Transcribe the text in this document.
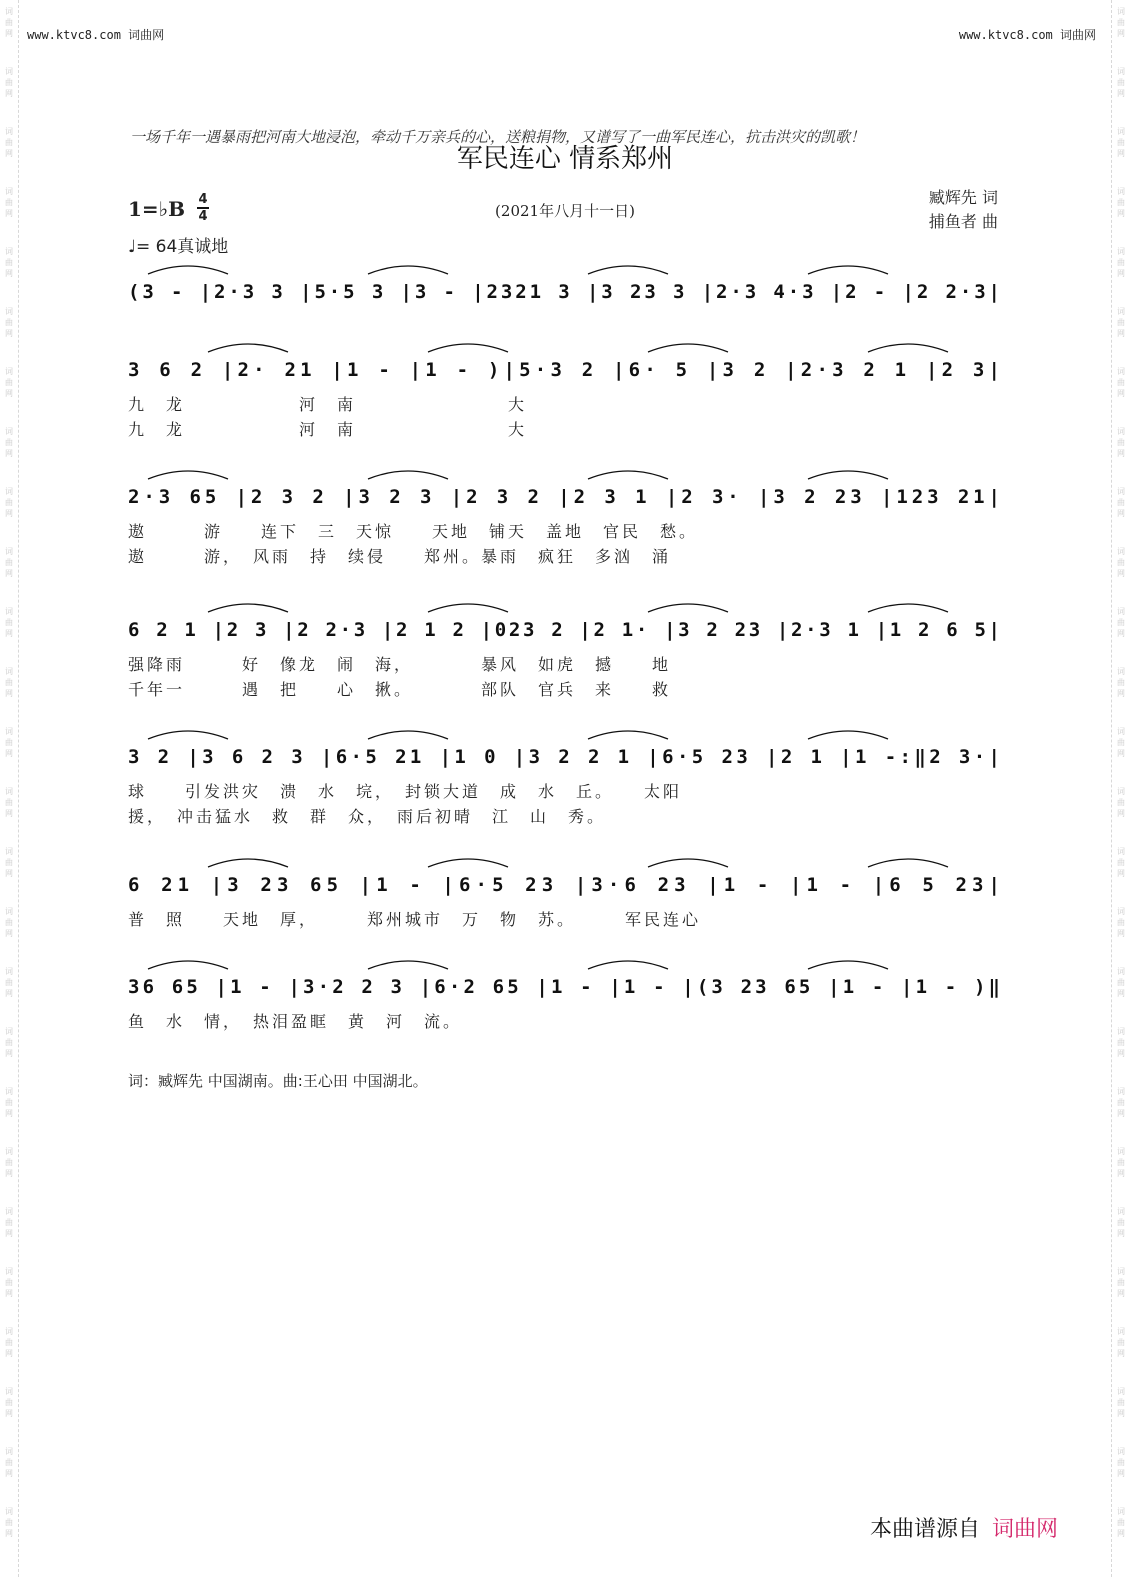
词曲网
词曲网
词曲网
词曲网
词曲网
词曲网
词曲网
词曲网
词曲网
词曲网
词曲网
词曲网
词曲网
词曲网
词曲网
词曲网
词曲网
词曲网
词曲网
词曲网
词曲网
词曲网
词曲网
词曲网
词曲网
词曲网
词曲网
词曲网
词曲网
词曲网
词曲网
词曲网
词曲网
词曲网
词曲网
词曲网
词曲网
词曲网
词曲网
词曲网
词曲网
词曲网
词曲网
词曲网
词曲网
词曲网
词曲网
词曲网
词曲网
词曲网
词曲网
词曲网
www.ktvc8.com 词曲网	www.ktvc8.com 词曲网
一场千年一遇暴雨把河南大地浸泡，牵动千万亲兵的心，送粮捐物，又谱写了一曲军民连心，抗击洪灾的凯歌！
军民连心 情系郑州
(2021年八月十一日)
臧辉先 词
捕鱼者 曲
1=♭B 4
4
♩= 64真诚地
(3 - |2·3 3 |5·5 3 |3 - |2321 3 |3 23 3 |2·3 4·3 |2 - |2 2·3|
3 6 2 |2· 21 |1 - |1 - )|5·3 2 |6· 5 |3 2 |2·3 2 1 |2 3|
九　龙　　　　　　河　南　　　　　　　　大
九　龙　　　　　　河　南　　　　　　　　大
2·3 65 |2 3 2 |3 2 3 |2 3 2 |2 3 1 |2 3· |3 2 23 |123 21|
遨　　　游　　连下　三　天惊　　天地　铺天　盖地　官民　愁。
遨　　　游，　风雨　持　续侵　　郑州。暴雨　疯狂　多汹　涌
6 2 1 |2 3 |2 2·3 |2 1 2 |023 2 |2 1· |3 2 23 |2·3 1 |1 2 6 5|
强降雨　　　好　像龙　闹　海，　　　　暴风　如虎　撼　　地
千年一　　　遇　把　　心　揪。　　　　部队　官兵　来　　救
3 2 |3 6 2 3 |6·5 21 |1 0 |3 2 2 1 |6·5 23 |2 1 |1 -:‖2 3·|
球　　引发洪灾　溃　水　垸，　封锁大道　成　水　丘。　　太阳
援，　冲击猛水　救　群　众，　雨后初晴　江　山　秀。
6 21 |3 23 65 |1 - |6·5 23 |3·6 23 |1 - |1 - |6 5 23|
普　照　　天地　厚，　　　郑州城市　万　物　苏。　　　军民连心
36 65 |1 - |3·2 2 3 |6·2 65 |1 - |1 - |(3 23 65 |1 - |1 - )‖
鱼　水　情，　热泪盈眶　黄　河　流。
词：臧辉先 中国湖南。曲:王心田 中国湖北。
本曲谱源自 词曲网
